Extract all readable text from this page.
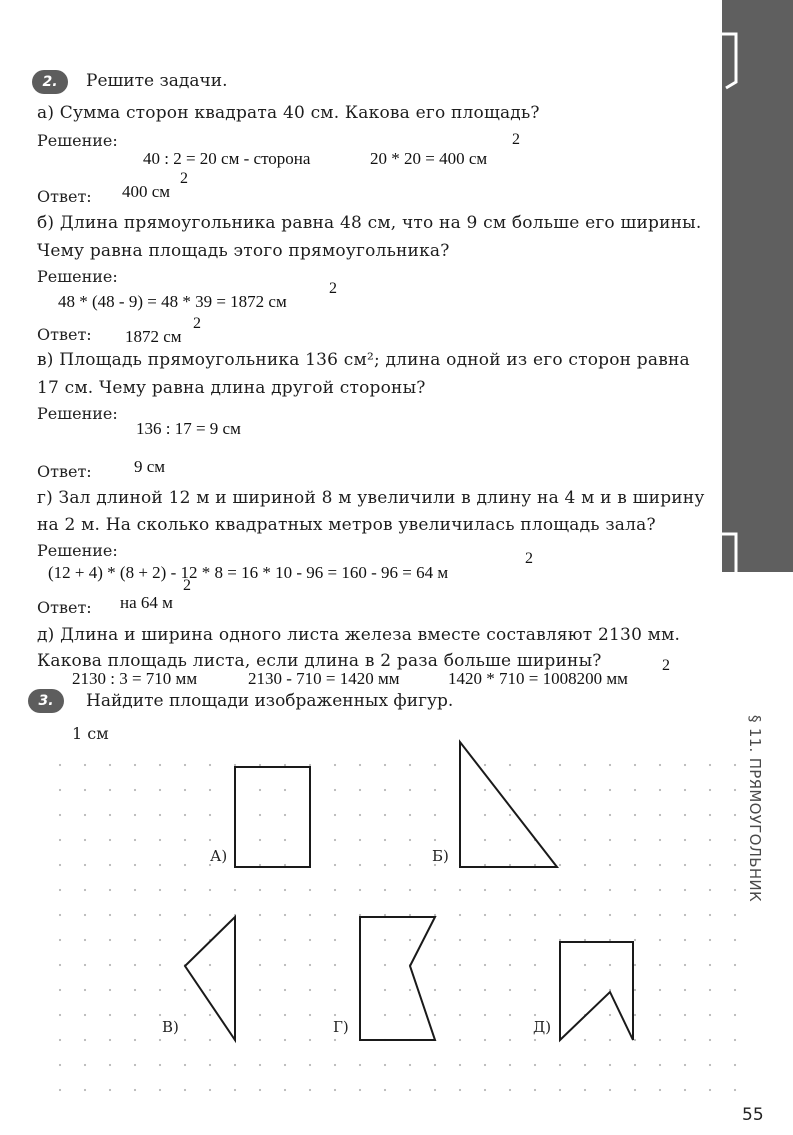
§ 11. ПРЯМОУГОЛЬНИК
2.	Решите задачи.
а) Сумма сторон квадрата 40 см. Какова его площадь?
Решение:
40 : 2 = 20 см - сторона	20 * 20 = 400 см
2
Ответ: 400 см
2
б) Длина прямоугольника равна 48 см, что на 9 см больше его ширины.
Чему равна площадь этого прямоугольника?
Решение:
48 * (48 - 9) = 48 * 39 = 1872 см
2
Ответ: 1872 см
2
в) Площадь прямоугольника 136 см²; длина одной из его сторон равна
17 см. Чему равна длина другой стороны?
Решение:
136 : 17 = 9 см
Ответ: 9 см
г) Зал длиной 12 м и шириной 8 м увеличили в длину на 4 м и в ширину
на 2 м. На сколько квадратных метров увеличилась площадь зала?
Решение:
(12 + 4) * (8 + 2) - 12 * 8 = 16 * 10 - 96 = 160 - 96 = 64 м
2
Ответ: на 64 м
2
д) Длина и ширина одного листа железа вместе составляют 2130 мм.
Какова площадь листа, если длина в 2 раза больше ширины?
2130 : 3 = 710 мм	2130 - 710 = 1420 мм	1420 * 710 = 1008200 мм
2
3.	Найдите площади изображенных фигур.
1 см
А)	Б)
В)	Г)	Д)
55
